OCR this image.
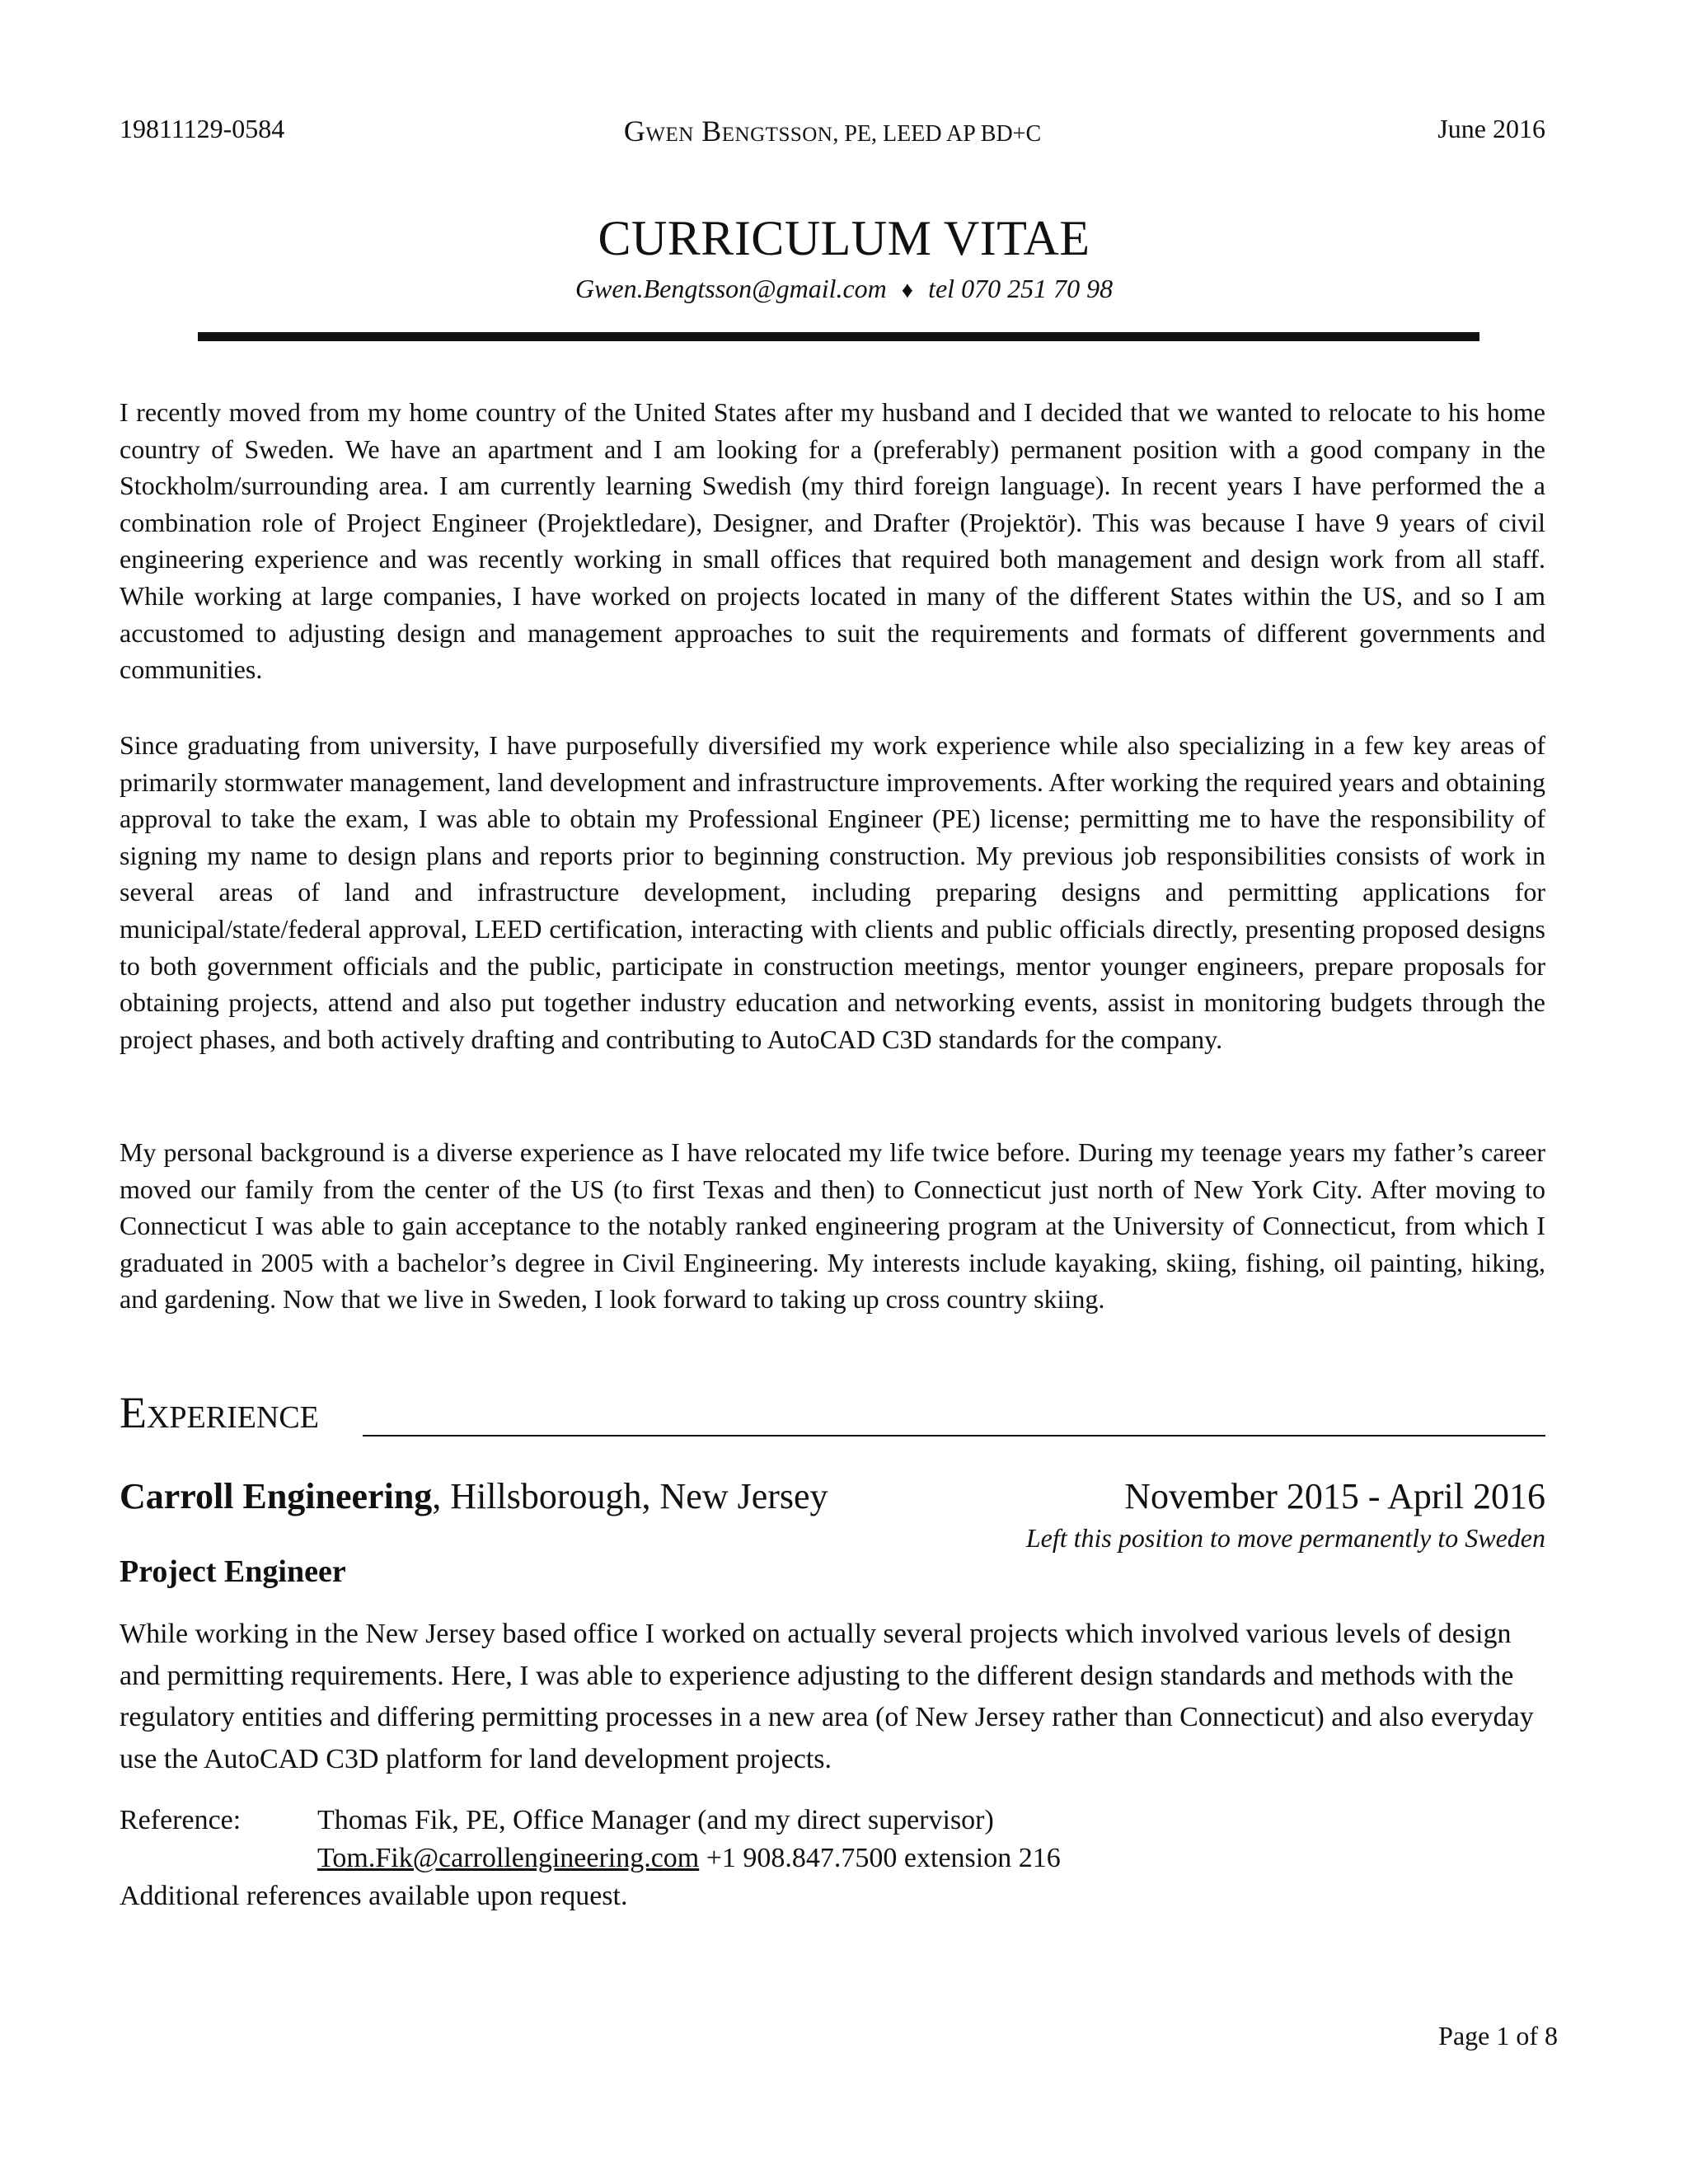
19811129-0584	Gwen Bengtsson, PE, LEED AP BD+C	June 2016
CURRICULUM VITAE
Gwen.Bengtsson@gmail.com ♦ tel 070 251 70 98

I recently moved from my home country of the United States after my husband and I decided that we wanted to relocate to his home country of Sweden. We have an apartment and I am looking for a (preferably) permanent position with a good company in the Stockholm/surrounding area. I am currently learning Swedish (my third foreign language). In recent years I have performed the a combination role of Project Engineer (Projektledare), Designer, and Drafter (Projektör). This was because I have 9 years of civil engineering experience and was recently working in small offices that required both management and design work from all staff. While working at large companies, I have worked on projects located in many of the different States within the US, and so I am accustomed to adjusting design and management approaches to suit the requirements and formats of different governments and communities.

Since graduating from university, I have purposefully diversified my work experience while also specializing in a few key areas of primarily stormwater management, land development and infrastructure improvements. After working the required years and obtaining approval to take the exam, I was able to obtain my Professional Engineer (PE) license; permitting me to have the responsibility of signing my name to design plans and reports prior to beginning construction. My previous job responsibilities consists of work in several areas of land and infrastructure development, including preparing designs and permitting applications for municipal/state/federal approval, LEED certification, interacting with clients and public officials directly, presenting proposed designs to both government officials and the public, participate in construction meetings, mentor younger engineers, prepare proposals for obtaining projects, attend and also put together industry education and networking events, assist in monitoring budgets through the project phases, and both actively drafting and contributing to AutoCAD C3D standards for the company.

My personal background is a diverse experience as I have relocated my life twice before. During my teenage years my father’s career moved our family from the center of the US (to first Texas and then) to Connecticut just north of New York City. After moving to Connecticut I was able to gain acceptance to the notably ranked engineering program at the University of Connecticut, from which I graduated in 2005 with a bachelor’s degree in Civil Engineering. My interests include kayaking, skiing, fishing, oil painting, hiking, and gardening. Now that we live in Sweden, I look forward to taking up cross country skiing.

Experience
Carroll Engineering, Hillsborough, New Jersey	November 2015 - April 2016
Left this position to move permanently to Sweden
Project Engineer

While working in the New Jersey based office I worked on actually several projects which involved various levels of design and permitting requirements. Here, I was able to experience adjusting to the different design standards and methods with the regulatory entities and differing permitting processes in a new area (of New Jersey rather than Connecticut) and also everyday use the AutoCAD C3D platform for land development projects.

Reference:	Thomas Fik, PE, Office Manager (and my direct supervisor)
Tom.Fik@carrollengineering.com +1 908.847.7500 extension 216
Additional references available upon request.
Page 1 of 8
